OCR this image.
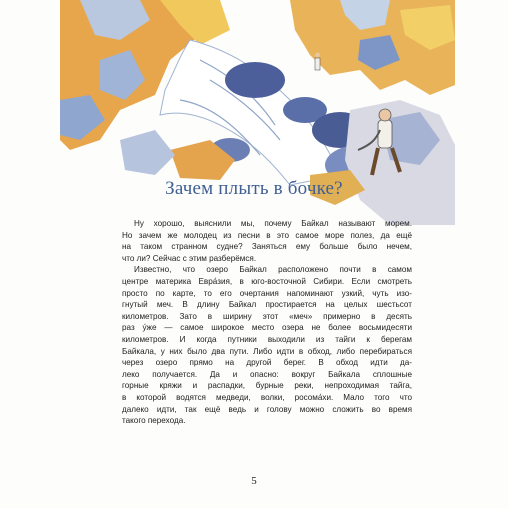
Зачем плыть в бочке?

Ну хорошо, выяснили мы, почему Байкал называют морем.
Но зачем же молодец из песни в это самое море полез, да ещё
на таком странном судне? Заняться ему больше было нечем,
что ли? Сейчас с этим разберёмся.

Известно, что озеро Байкал расположено почти в самом
центре материка Евра́зия, в юго-восточной Сибири. Если смотреть
просто по карте, то его очертания напоминают узкий, чуть изо-
гнутый меч. В длину Байкал простирается на целых шестьсот
километров. Зато в ширину этот «меч» примерно в десять
раз у́же — самое широкое место озера не более восьмидесяти
километров. И когда путники выходили из тайги к берегам
Байкала, у них было два пути. Либо идти в обход, либо перебираться
через озеро прямо на другой берег. В обход идти да-
леко получается. Да и опасно: вокруг Байкала сплошные
горные кряжи и распадки, бурные реки, непроходимая тайга,
в которой водятся медведи, волки, росома́хи. Мало того что
далеко идти, так ещё ведь и голову можно сложить во время
такого перехода.

5
